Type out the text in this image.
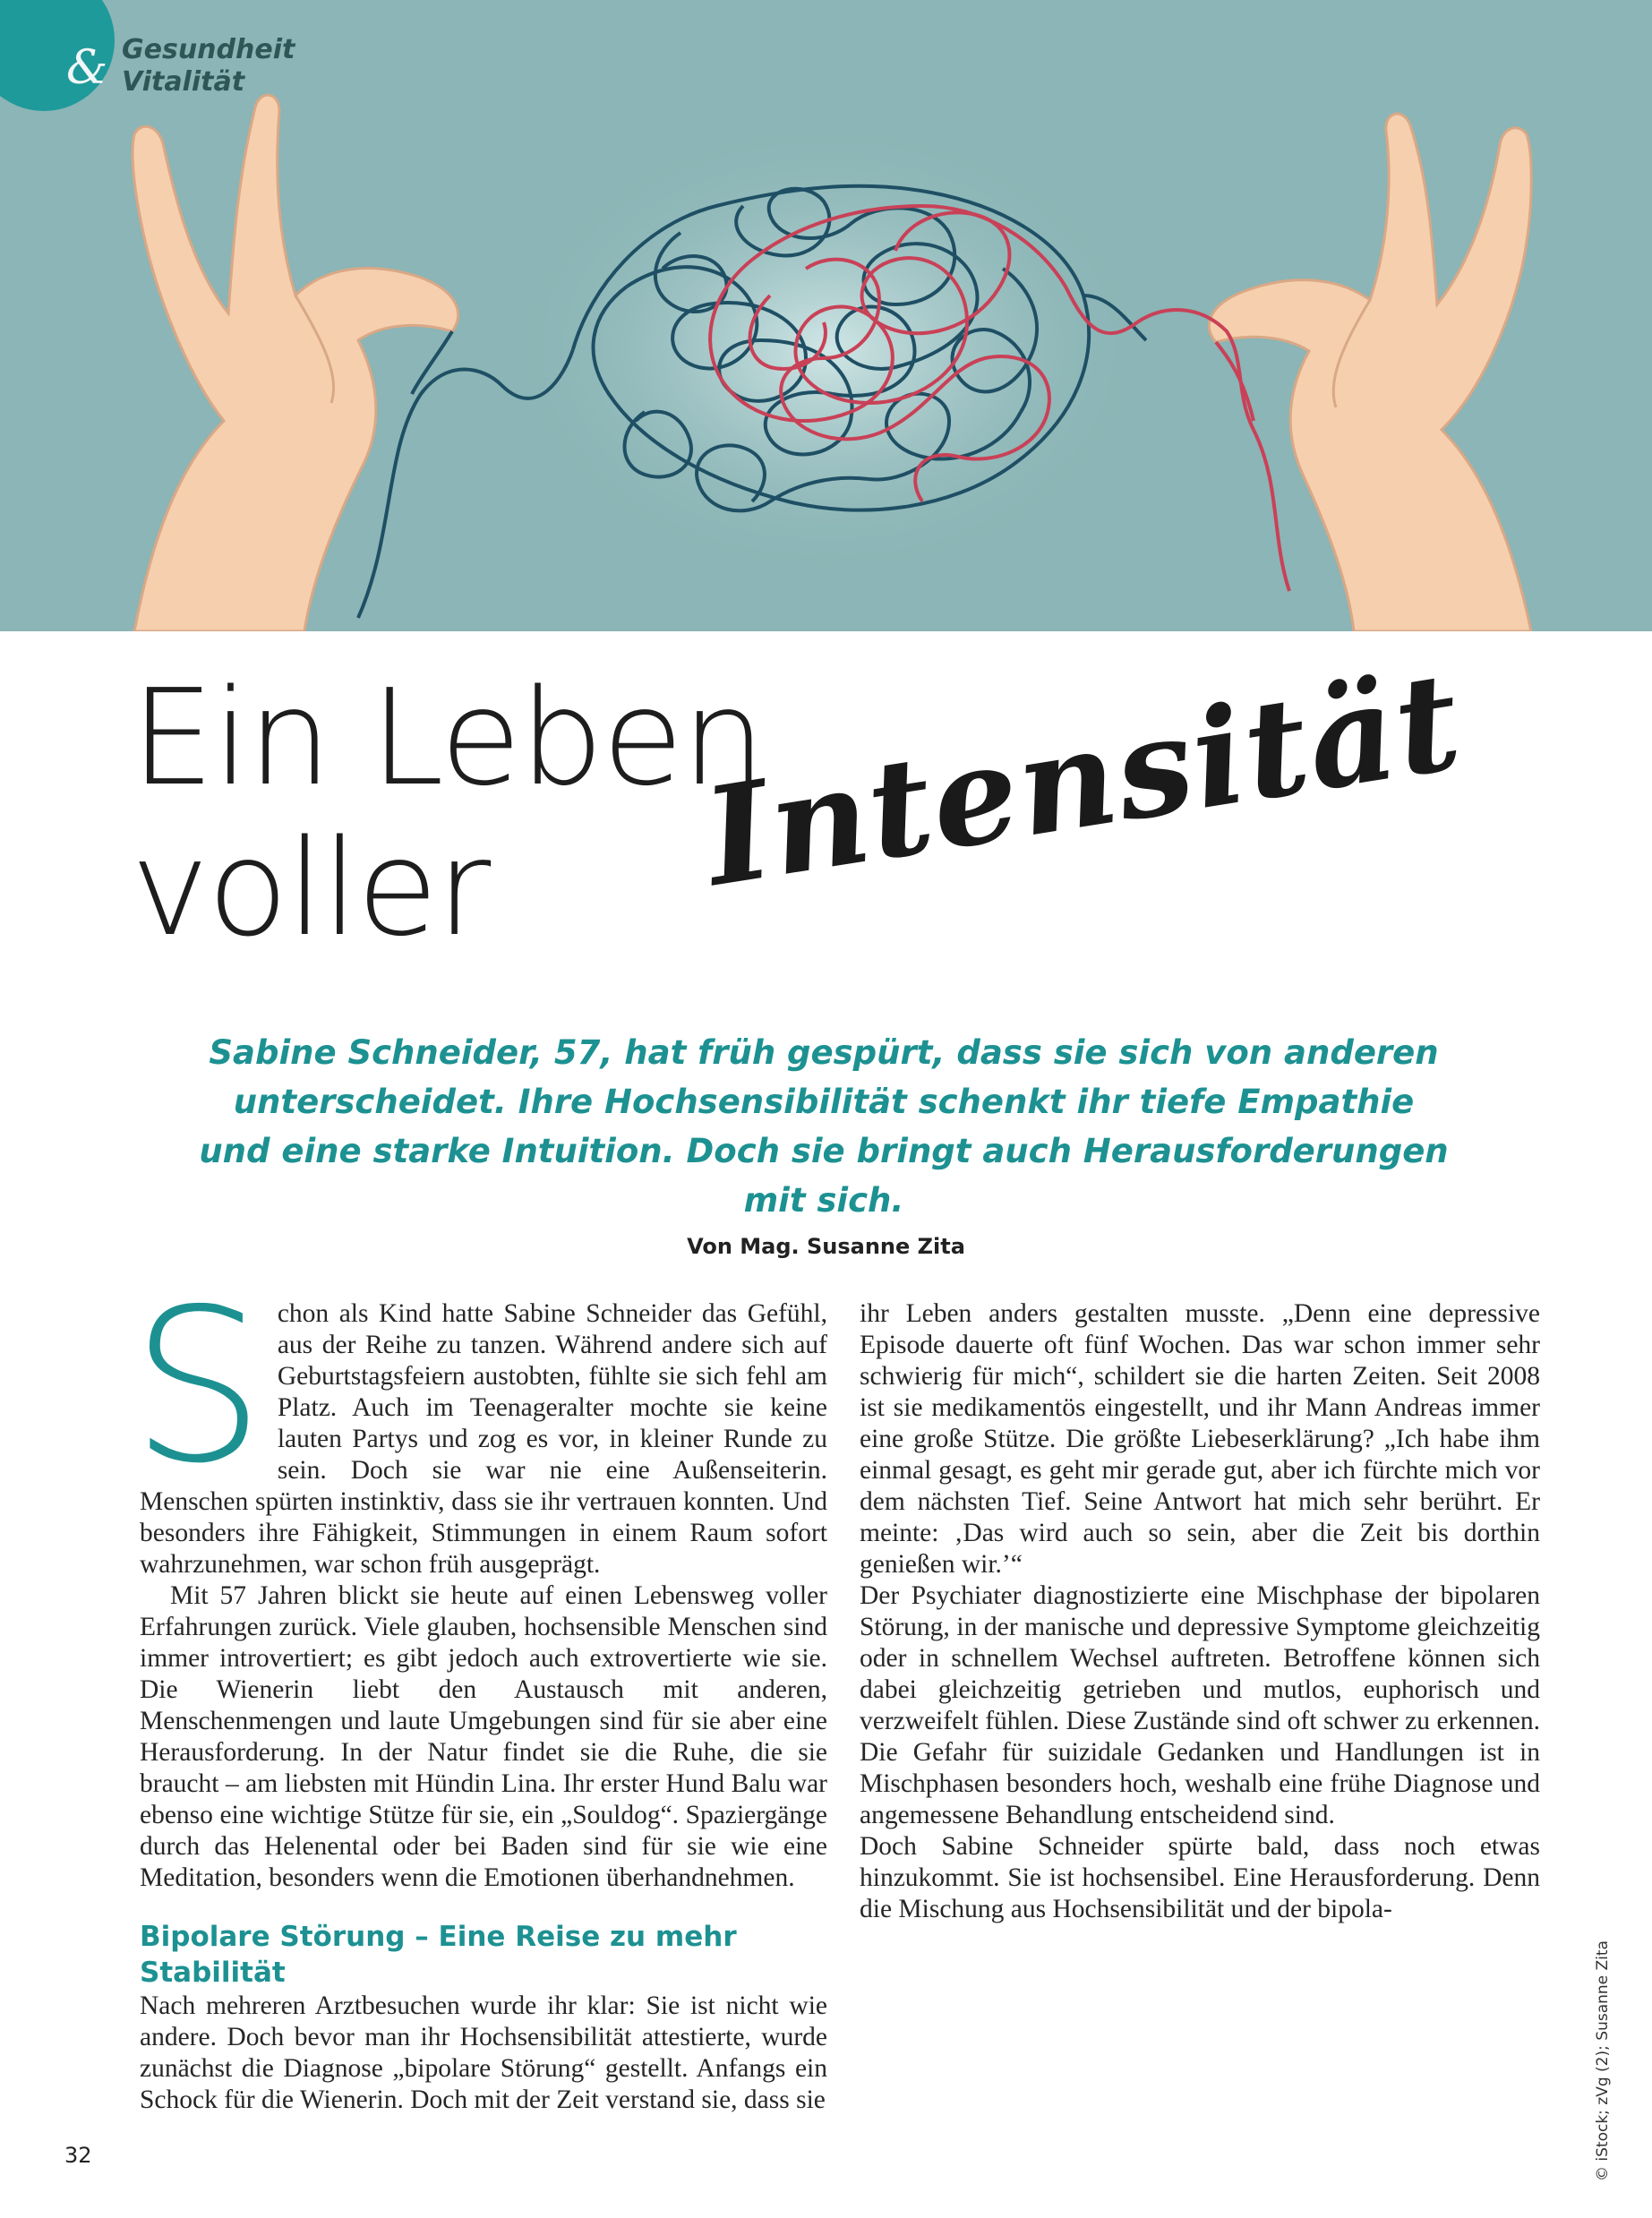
& Gesundheit
Vitalität
Ein Leben
voller	Intensität

Sabine Schneider, 57, hat früh gespürt, dass sie sich von anderen unterscheidet. Ihre Hochsensibilität schenkt ihr tiefe Empathie und eine starke Intuition. Doch sie bringt auch Herausforderungen mit sich.

Von Mag. Susanne Zita

S chon als Kind hatte Sabine Schneider das Gefühl, aus der Reihe zu tanzen. Während andere sich auf Geburtstagsfeiern austobten, fühlte sie sich fehl am Platz. Auch im Teenageralter mochte sie keine lauten Partys und zog es vor, in kleiner Runde zu sein. Doch sie war nie eine Außenseiterin. Menschen spürten instinktiv, dass sie ihr vertrauen konnten. Und besonders ihre Fähigkeit, Stimmungen in einem Raum sofort wahrzunehmen, war schon früh ausgeprägt.

Mit 57 Jahren blickt sie heute auf einen Lebensweg voller Erfahrungen zurück. Viele glauben, hochsensible Menschen sind immer introvertiert; es gibt jedoch auch extrovertierte wie sie. Die Wienerin liebt den Austausch mit anderen, Menschenmengen und laute Umgebungen sind für sie aber eine Herausforderung. In der Natur findet sie die Ruhe, die sie braucht – am liebsten mit Hündin Lina. Ihr erster Hund Balu war ebenso eine wichtige Stütze für sie, ein „Souldog“. Spaziergänge durch das Helenental oder bei Baden sind für sie wie eine Meditation, besonders wenn die Emotionen überhandnehmen.

Bipolare Störung – Eine Reise zu mehr Stabilität

Nach mehreren Arztbesuchen wurde ihr klar: Sie ist nicht wie andere. Doch bevor man ihr Hochsensibilität attestierte, wurde zunächst die Diagnose „bipolare Störung“ gestellt. Anfangs ein Schock für die Wienerin. Doch mit der Zeit verstand sie, dass sie

ihr Leben anders gestalten musste. „Denn eine depressive Episode dauerte oft fünf Wochen. Das war schon immer sehr schwierig für mich“, schildert sie die harten Zeiten. Seit 2008 ist sie medikamentös eingestellt, und ihr Mann Andreas immer eine große Stütze. Die größte Liebeserklärung? „Ich habe ihm einmal gesagt, es geht mir gerade gut, aber ich fürchte mich vor dem nächsten Tief. Seine Antwort hat mich sehr berührt. Er meinte: ‚Das wird auch so sein, aber die Zeit bis dorthin genießen wir.’“

Der Psychiater diagnostizierte eine Mischphase der bipolaren Störung, in der manische und depressive Symptome gleichzeitig oder in schnellem Wechsel auftreten. Betroffene können sich dabei gleichzeitig getrieben und mutlos, euphorisch und verzweifelt fühlen. Diese Zustände sind oft schwer zu erkennen. Die Gefahr für suizidale Gedanken und Handlungen ist in Mischphasen besonders hoch, weshalb eine frühe Diagnose und angemessene Behandlung entscheidend sind.

Doch Sabine Schneider spürte bald, dass noch etwas hinzukommt. Sie ist hochsensibel. Eine Herausforderung. Denn die Mischung aus Hochsensibilität und der bipola-

32	© iStock; zVg (2); Susanne Zita
